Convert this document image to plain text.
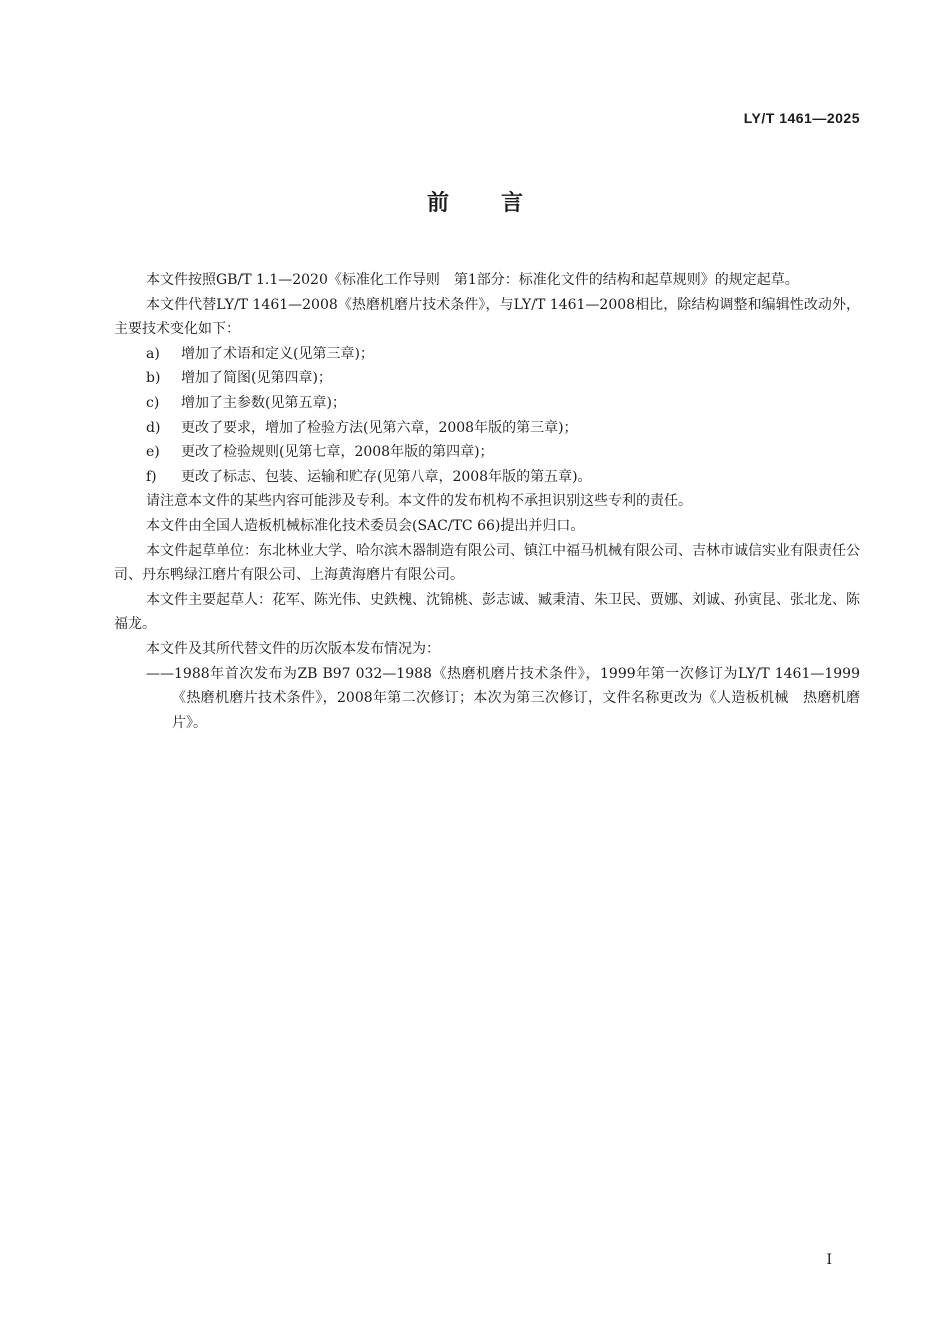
LY/T 1461—2025
前言

本文件按照GB/T 1.1—2020《标准化工作导则　第1部分：标准化文件的结构和起草规则》的规定起草。

本文件代替LY/T 1461—2008《热磨机磨片技术条件》，与LY/T 1461—2008相比，除结构调整和编辑性改动外，主要技术变化如下：

a)	增加了术语和定义(见第三章)；
b)	增加了简图(见第四章)；
c)	增加了主参数(见第五章)；
d)	更改了要求，增加了检验方法(见第六章，2008年版的第三章)；
e)	更改了检验规则(见第七章，2008年版的第四章)；
f)	更改了标志、包装、运输和贮存(见第八章，2008年版的第五章)。

请注意本文件的某些内容可能涉及专利。本文件的发布机构不承担识别这些专利的责任。

本文件由全国人造板机械标准化技术委员会(SAC/TC 66)提出并归口。

本文件起草单位：东北林业大学、哈尔滨木器制造有限公司、镇江中福马机械有限公司、吉林市诚信实业有限责任公司、丹东鸭绿江磨片有限公司、上海黄海磨片有限公司。

本文件主要起草人：花军、陈光伟、史鉄槐、沈锦桃、彭志诚、臧秉清、朱卫民、贾娜、刘诚、孙寅昆、张北龙、陈福龙。

本文件及其所代替文件的历次版本发布情况为：

——1988年首次发布为ZB B97 032—1988《热磨机磨片技术条件》，1999年第一次修订为LY/T 1461—1999《热磨机磨片技术条件》，2008年第二次修订；本次为第三次修订，文件名称更改为《人造板机械　热磨机磨片》。

I
